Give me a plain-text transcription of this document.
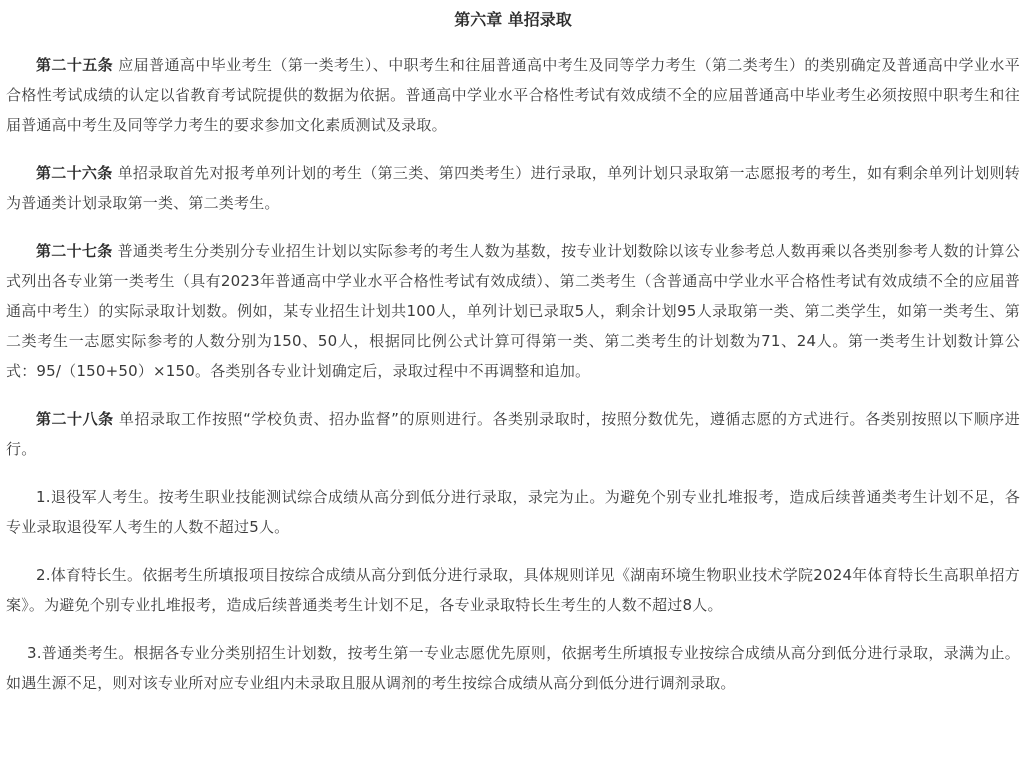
第六章 单招录取

第二十五条 应届普通高中毕业考生（第一类考生）、中职考生和往届普通高中考生及同等学力考生（第二类考生）的类别确定及普通高中学业水平合格性考试成绩的认定以省教育考试院提供的数据为依据。普通高中学业水平合格性考试有效成绩不全的应届普通高中毕业考生必须按照中职考生和往届普通高中考生及同等学力考生的要求参加文化素质测试及录取。

第二十六条 单招录取首先对报考单列计划的考生（第三类、第四类考生）进行录取，单列计划只录取第一志愿报考的考生，如有剩余单列计划则转为普通类计划录取第一类、第二类考生。

第二十七条 普通类考生分类别分专业招生计划以实际参考的考生人数为基数，按专业计划数除以该专业参考总人数再乘以各类别参考人数的计算公式列出各专业第一类考生（具有2023年普通高中学业水平合格性考试有效成绩）、第二类考生（含普通高中学业水平合格性考试有效成绩不全的应届普通高中考生）的实际录取计划数。例如，某专业招生计划共100人，单列计划已录取5人，剩余计划95人录取第一类、第二类学生，如第一类考生、第二类考生一志愿实际参考的人数分别为150、50人，根据同比例公式计算可得第一类、第二类考生的计划数为71、24人。第一类考生计划数计算公式：95/（150+50）×150。各类别各专业计划确定后，录取过程中不再调整和追加。

第二十八条 单招录取工作按照“学校负责、招办监督”的原则进行。各类别录取时，按照分数优先，遵循志愿的方式进行。各类别按照以下顺序进行。

1.退役军人考生。按考生职业技能测试综合成绩从高分到低分进行录取，录完为止。为避免个别专业扎堆报考，造成后续普通类考生计划不足，各专业录取退役军人考生的人数不超过5人。

2.体育特长生。依据考生所填报项目按综合成绩从高分到低分进行录取，具体规则详见《湖南环境生物职业技术学院2024年体育特长生高职单招方案》。为避免个别专业扎堆报考，造成后续普通类考生计划不足，各专业录取特长生考生的人数不超过8人。

3.普通类考生。根据各专业分类别招生计划数，按考生第一专业志愿优先原则，依据考生所填报专业按综合成绩从高分到低分进行录取，录满为止。如遇生源不足，则对该专业所对应专业组内未录取且服从调剂的考生按综合成绩从高分到低分进行调剂录取。
